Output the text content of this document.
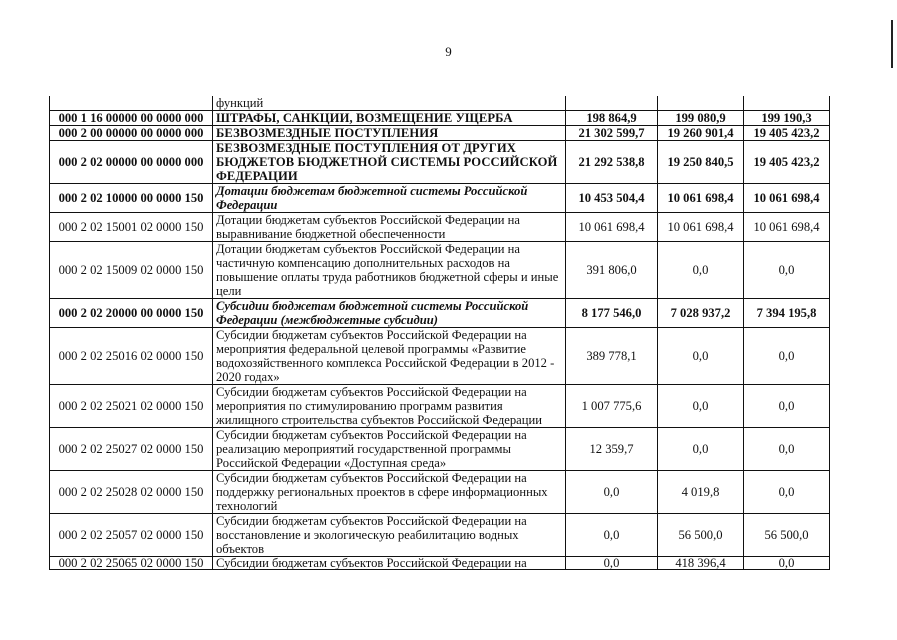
9
	функций			
000 1 16 00000 00 0000 000	ШТРАФЫ, САНКЦИИ, ВОЗМЕЩЕНИЕ УЩЕРБА	198 864,9	199 080,9	199 190,3
000 2 00 00000 00 0000 000	БЕЗВОЗМЕЗДНЫЕ ПОСТУПЛЕНИЯ	21 302 599,7	19 260 901,4	19 405 423,2
000 2 02 00000 00 0000 000	БЕЗВОЗМЕЗДНЫЕ ПОСТУПЛЕНИЯ ОТ ДРУГИХ БЮДЖЕТОВ БЮДЖЕТНОЙ СИСТЕМЫ РОССИЙСКОЙ ФЕДЕРАЦИИ	21 292 538,8	19 250 840,5	19 405 423,2
000 2 02 10000 00 0000 150	Дотации бюджетам бюджетной системы Российской Федерации	10 453 504,4	10 061 698,4	10 061 698,4
000 2 02 15001 02 0000 150	Дотации бюджетам субъектов Российской Федерации на выравнивание бюджетной обеспеченности	10 061 698,4	10 061 698,4	10 061 698,4
000 2 02 15009 02 0000 150	Дотации бюджетам субъектов Российской Федерации на частичную компенсацию дополнительных расходов на повышение оплаты труда работников бюджетной сферы и иные цели	391 806,0	0,0	0,0
000 2 02 20000 00 0000 150	Субсидии бюджетам бюджетной системы Российской Федерации (межбюджетные субсидии)	8 177 546,0	7 028 937,2	7 394 195,8
000 2 02 25016 02 0000 150	Субсидии бюджетам субъектов Российской Федерации на мероприятия федеральной целевой программы «Развитие водохозяйственного комплекса Российской Федерации в 2012 - 2020 годах»	389 778,1	0,0	0,0
000 2 02 25021 02 0000 150	Субсидии бюджетам субъектов Российской Федерации на мероприятия по стимулированию программ развития жилищного строительства субъектов Российской Федерации	1 007 775,6	0,0	0,0
000 2 02 25027 02 0000 150	Субсидии бюджетам субъектов Российской Федерации на реализацию мероприятий государственной программы Российской Федерации «Доступная среда»	12 359,7	0,0	0,0
000 2 02 25028 02 0000 150	Субсидии бюджетам субъектов Российской Федерации на поддержку региональных проектов в сфере информационных технологий	0,0	4 019,8	0,0
000 2 02 25057 02 0000 150	Субсидии бюджетам субъектов Российской Федерации на восстановление и экологическую реабилитацию водных объектов	0,0	56 500,0	56 500,0
000 2 02 25065 02 0000 150	Субсидии бюджетам субъектов Российской Федерации на	0,0	418 396,4	0,0
